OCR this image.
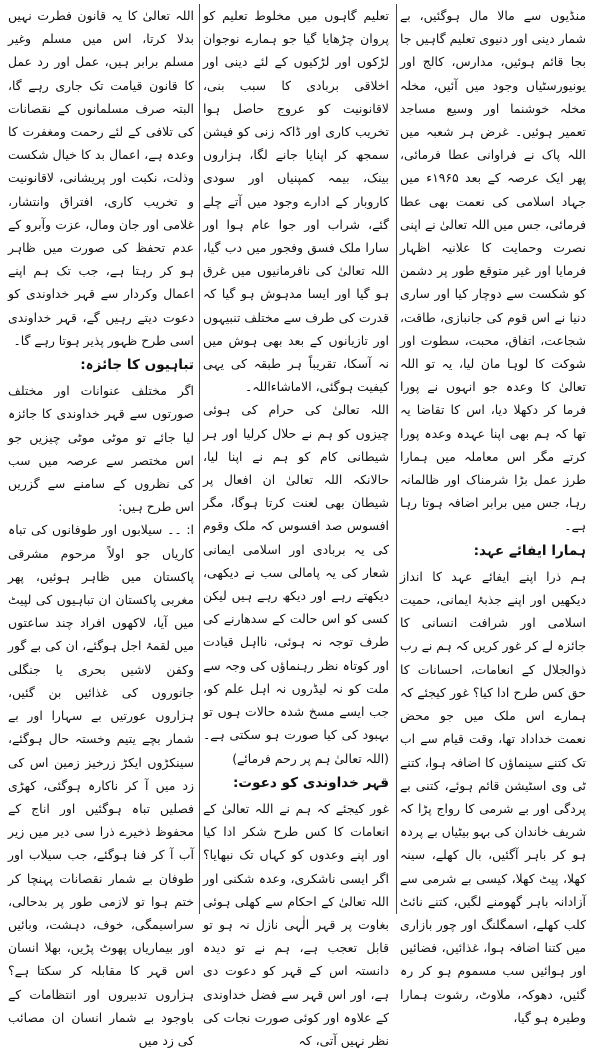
منڈیوں سے مالا مال ہوگئیں، بے شمار دینی اور دنیوی تعلیم گاہیں جا بجا قائم ہوئیں، مدارس، کالج اور یونیورسٹیاں وجود میں آئیں، مخلہ مخلہ خوشنما اور وسیع مساجد تعمیر ہوئیں۔ غرض ہر شعبہ میں اللہ پاک نے فراوانی عطا فرمائی، پھر ایک عرصہ کے بعد ۱۹۶۵ء میں جہاد اسلامی کی نعمت بھی عطا فرمائی، جس میں اللہ تعالیٰ نے اپنی نصرت وحمایت کا علانیہ اظہار فرمایا اور غیر متوقع طور پر دشمن کو شکست سے دوچار کیا اور ساری دنیا نے اس قوم کی جانبازی، طاقت، شجاعت، اتفاق، محبت، سطوت اور شوکت کا لوہا مان لیا، یہ تو اللہ تعالیٰ کا وعدہ جو انہوں نے پورا فرما کر دکھلا دیا، اس کا تقاضا یہ تھا کہ ہم بھی اپنا عہدہ وعدہ پورا کرتے مگر اس معاملہ میں ہمارا طرز عمل بڑا شرمناک اور ظالمانہ رہا، جس میں برابر اضافہ ہوتا رہا ہے۔

ہمارا ایفائے عہد:

ہم ذرا اپنے ایفائے عہد کا انداز دیکھیں اور اپنے جذبۂ ایمانی، حمیت اسلامی اور شرافت انسانی کا جائزہ لے کر غور کریں کہ ہم نے رب ذوالجلال کے انعامات، احسانات کا حق کس طرح ادا کیا؟ غور کیجئے کہ ہمارے اس ملک میں جو محض نعمت خداداد تھا، وقت قیام سے اب تک کتنے سینماؤں کا اضافہ ہوا، کتنے ٹی وی اسٹیشن قائم ہوئے، کتنی بے پردگی اور بے شرمی کا رواج پڑا کہ شریف خاندان کی بہو بیٹیاں بے پردہ ہو کر باہر آگئیں، بال کھلے، سینہ کھلا، پیٹ کھلا، کیسی بے شرمی سے آزادانہ باہر گھومنے لگیں، کتنے نائٹ کلب کھلے، اسمگلنگ اور چور بازاری میں کتنا اضافہ ہوا، غذائیں، فضائیں اور ہوائیں سب مسموم ہو کر رہ گئیں، دھوکہ، ملاوٹ، رشوت ہمارا وطیرہ ہو گیا،

تعلیم گاہوں میں مخلوط تعلیم کو پروان چڑھایا گیا جو ہمارے نوجوان لڑکوں اور لڑکیوں کے لئے دینی اور اخلاقی بربادی کا سبب بنی، لاقانونیت کو عروج حاصل ہوا تخریب کاری اور ڈاکہ زنی کو فیشن سمجھ کر اپنایا جانے لگا، ہزاروں بینک، بیمہ کمپنیاں اور سودی کاروبار کے ادارے وجود میں آتے چلے گئے، شراب اور جوا عام ہوا اور سارا ملک فسق وفجور میں دب گیا، اللہ تعالیٰ کی نافرمانیوں میں غرق ہو گیا اور ایسا مدہوش ہو گیا کہ قدرت کی طرف سے مختلف تنبیہوں اور تازیانوں کے بعد بھی ہوش میں نہ آسکا، تقریباً ہر طبقہ کی یہی کیفیت ہوگئی، الاماشاءاللہ۔

اللہ تعالیٰ کی حرام کی ہوئی چیزوں کو ہم نے حلال کرلیا اور ہر شیطانی کام کو ہم نے اپنا لیا، حالانکہ اللہ تعالیٰ ان افعال پر شیطان بھی لعنت کرتا ہوگا، مگر افسوس صد افسوس کہ ملک وقوم کی یہ بربادی اور اسلامی ایمانی شعار کی یہ پامالی سب نے دیکھی، دیکھتے رہے اور دیکھ رہے ہیں لیکن کسی کو اس حالت کے سدھارنے کی طرف توجہ نہ ہوئی، نااہل قیادت اور کوتاہ نظر رہنماؤں کی وجہ سے ملت کو نہ لیڈروں نہ اہل علم کو، جب ایسے مسخ شدہ حالات ہوں تو بہبود کی کیا صورت ہو سکتی ہے۔ (اللہ تعالیٰ ہم پر رحم فرمائے)

قہر خداوندی کو دعوت:

غور کیجئے کہ ہم نے اللہ تعالیٰ کے انعامات کا کس طرح شکر ادا کیا اور اپنے وعدوں کو کہاں تک نبھایا؟ اگر ایسی ناشکری، وعدہ شکنی اور اللہ تعالیٰ کے احکام سے کھلی ہوئی بغاوت پر قہر الٰہی نازل نہ ہو تو قابل تعجب ہے، ہم نے تو دیدہ دانستہ اس کے قہر کو دعوت دی ہے، اور اس قہر سے فضل خداوندی کے علاوہ اور کوئی صورت نجات کی نظر نہیں آتی، کہ

اللہ تعالیٰ کا یہ قانون فطرت نہیں بدلا کرتا، اس میں مسلم وغیر مسلم برابر ہیں، عمل اور رد عمل کا قانون قیامت تک جاری رہے گا، البتہ صرف مسلمانوں کے نقصانات کی تلافی کے لئے رحمت ومغفرت کا وعدہ ہے، اعمال بد کا خیال شکست وذلت، نکبت اور پریشانی، لاقانونیت و تخریب کاری، افتراق وانتشار، غلامی اور جان ومال، عزت وآبرو کے عدم تحفظ کی صورت میں ظاہر ہو کر رہتا ہے، جب تک ہم اپنے اعمال وکردار سے قہر خداوندی کو دعوت دیتے رہیں گے، قہر خداوندی اسی طرح ظہور پذیر ہوتا رہے گا۔

تباہیوں کا جائزہ:

اگر مختلف عنوانات اور مختلف صورتوں سے قہر خداوندی کا جائزہ لیا جائے تو موٹی موٹی چیزیں جو اس مختصر سے عرصہ میں سب کی نظروں کے سامنے سے گزریں اس طرح ہیں:

ا: ۔۔ سیلابوں اور طوفانوں کی تباہ کاریاں جو اولاً مرحوم مشرقی پاکستان میں ظاہر ہوئیں، پھر مغربی پاکستان ان تباہیوں کی لپیٹ میں آیا، لاکھوں افراد چند ساعتوں میں لقمۂ اجل ہوگئے، ان کی بے گور وکفن لاشیں بحری یا جنگلی جانوروں کی غذائیں بن گئیں، ہزاروں عورتیں بے سہارا اور بے شمار بچے یتیم وخستہ حال ہوگئے، سینکڑوں ایکڑ زرخیز زمین اس کی زد میں آ کر ناکارہ ہوگئی، کھڑی فصلیں تباہ ہوگئیں اور اناج کے محفوظ ذخیرے ذرا سی دیر میں زیر آب آ کر فنا ہوگئے، جب سیلاب اور طوفان بے شمار نقصانات پہنچا کر ختم ہوا تو لازمی طور پر بدحالی، سراسیمگی، خوف، دہشت، وبائیں اور بیماریاں پھوٹ پڑیں، بھلا انسان اس قہر کا مقابلہ کر سکتا ہے؟ ہزاروں تدبیروں اور انتظامات کے باوجود بے شمار انسان ان مصائب کی زد میں
